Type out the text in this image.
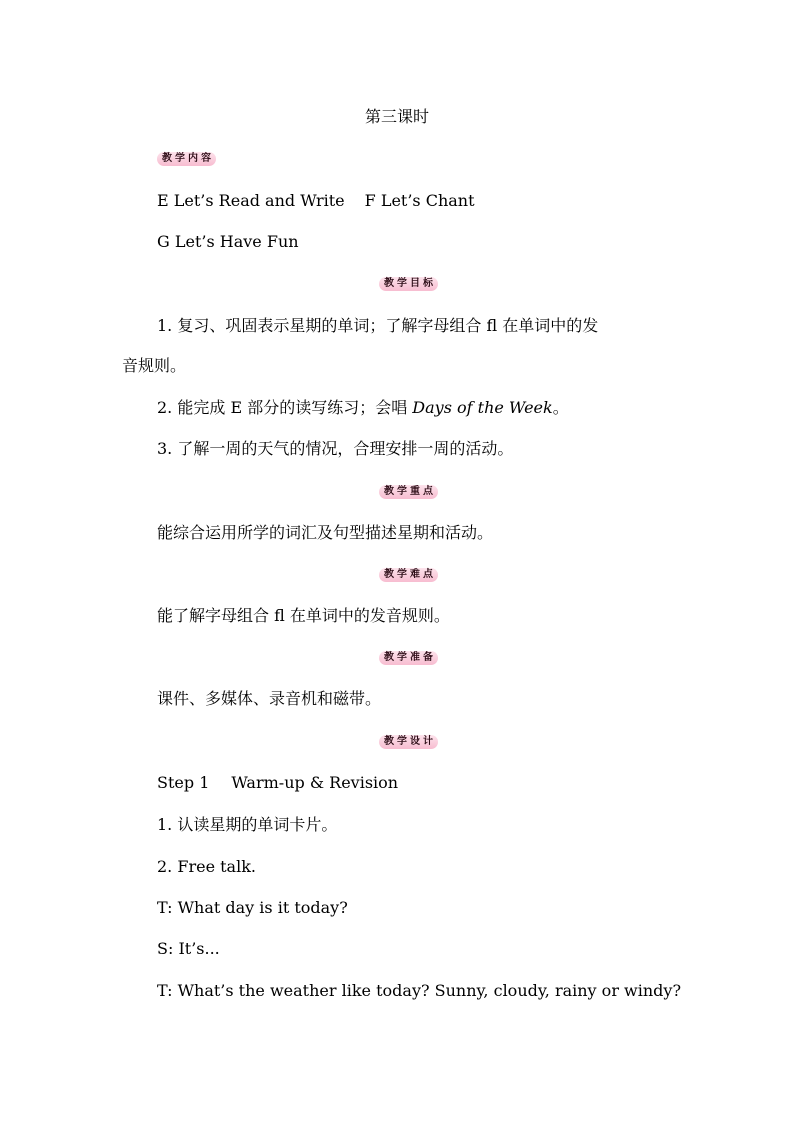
第三课时

教学内容

E Let’s Read and Write F Let’s Chant

G Let’s Have Fun

教学目标

1. 复习、巩固表示星期的单词；了解字母组合 fl 在单词中的发

音规则。

2. 能完成 E 部分的读写练习；会唱 Days of the Week。

3. 了解一周的天气的情况，合理安排一周的活动。

教学重点

能综合运用所学的词汇及句型描述星期和活动。

教学难点

能了解字母组合 fl 在单词中的发音规则。

教学准备

课件、多媒体、录音机和磁带。

教学设计

Step 1 Warm-up & Revision

1. 认读星期的单词卡片。

2. Free talk.

T: What day is it today?

S: It’s...

T: What’s the weather like today? Sunny, cloudy, rainy or windy?
